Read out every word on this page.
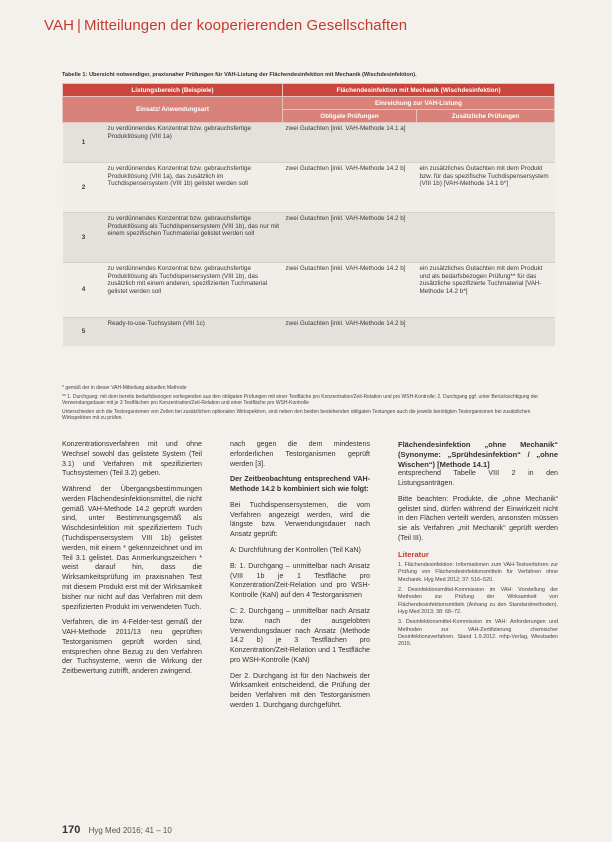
VAH | Mitteilungen der kooperierenden Gesellschaften
Tabelle 1: Übersicht notwendiger, praxisnaher Prüfungen für VAH-Listung der Flächendesinfektion mit Mechanik (Wischdesinfektion).
Listungsbereich (Beispiele)		Flächendesinfektion mit Mechanik (Wischdesinfektion)	
Einsatz/ Anwendungsart		Einreichung zur VAH-Listung	
		Obligate Prüfungen	Zusätzliche Prüfungen
1	zu verdünnendes Konzentrat bzw. gebrauchsfertige Produktlösung (VIII 1a)	zwei Gutachten [inkl. VAH-Methode 14.1 a]	
2	zu verdünnendes Konzentrat bzw. gebrauchsfertige Produktlösung (VIII 1a), das zusätzlich im Tuchdispensersystem (VIII 1b) gelistet werden soll	zwei Gutachten [inkl. VAH-Methode 14.2 b]	ein zusätzliches Gutachten mit dem Produkt bzw. für das spezifische Tuchdispensersystem (VIII 1b) [VAH-Methode 14.1 b*]
3	zu verdünnendes Konzentrat bzw. gebrauchsfertige Produktlösung als Tuchdispensersystem (VIII 1b), das nur mit einem spezifischen Tuchmaterial gelistet werden soll	zwei Gutachten [inkl. VAH-Methode 14.2 b]	
4	zu verdünnendes Konzentrat bzw. gebrauchsfertige Produktlösung als Tuchdispensersystem (VIII 1b), das zusätzlich mit einem anderen, spezifizierten Tuchmaterial gelistet werden soll	zwei Gutachten [inkl. VAH-Methode 14.2 b]	ein zusätzliches Gutachten mit dem Produkt und als bedarfsbezogen Prüfung** für das zusätzliche spezifizierte Tuchmaterial [VAH-Methode 14.2 b*]
5	Ready-to-use-Tuchsystem (VIII 1c)	zwei Gutachten [inkl. VAH-Methode 14.2 b]	

* gemäß der in dieser VAH-Mitteilung aktuellen Methode

** 1. Durchgang: mit dem bereits bedarfsbezogen vorliegenden aus den obligaten Prüfungen mit einer Testfläche pro Konzentration/Zeit-Relation und pro WSH-Kontrolle; 2. Durchgang ggf. unter Berücksichtigung der Verwendungsdauer mit je 3 Testflächen pro Konzentration/Zeit-Relation und einer Testfläche pro WSH-Kontrolle

Unterschieden sich die Testorganismen von Zeilen bei zusätzlichen optionalen Wirkspektren, sind neben den beiden bestehenden obligaten Testungen auch die jeweils benötigten Testorganismen bei zusätzlichen Wirkspektren mit zu prüfen.

Konzentrationsverfahren mit und ohne Wechsel sowohl das gelistete System (Teil 3.1) und Verfahren mit spezifizierten Tuchsystemen (Teil 3.2) geben.

Während der Übergangsbestimmungen werden Flächendesinfektionsmittel, die nicht gemäß VAH-Methode 14.2 geprüft wurden sind, unter Bestimmungsgemäß als Wischdesinfektion mit spezifiziertem Tuch (Tuchdispensersystem VIII 1b) gelistet werden, mit einem * gekennzeichnet und im Teil 3.1 gelistet. Das Anmerkungszeichen * weist darauf hin, dass die Wirksamkeitsprüfung im praxisnahen Test mit diesem Produkt erst mit der Wirksamkeit bisher nur nicht auf das Verfahren mit dem spezifizierten Produkt im verwendeten Tuch.

Verfahren, die im 4-Felder-test gemäß der VAH-Methode 2011/13 neu geprüften Testorganismen geprüft worden sind, entsprechen ohne Bezug zu den Verfahren der Tuchsysteme, wenn die Wirkung der Zeitbewertung zutrifft, anderen zwingend.

nach gegen die dem mindestens erforderlichen Testorganismen geprüft werden [3].

Der Zeitbeobachtung entsprechend VAH-Methode 14.2 b kombiniert sich wie folgt:

Bei Tuchdispensersystemen, die vom Verfahren angezeigt werden, wird die längste bzw. Verwendungsdauer nach Ansatz geprüft:

A: Durchführung der Kontrollen (Teil KaN)

B: 1. Durchgang – unmittelbar nach Ansatz (VIII 1b je 1 Testfläche pro Konzentration/Zeit-Relation und pro WSH-Kontrolle (KaN) auf den 4 Testorganismen

C: 2. Durchgang – unmittelbar nach Ansatz bzw. nach der ausgelobten Verwendungsdauer nach Ansatz (Methode 14.2 b) je 3 Testflächen pro Konzentration/Zeit-Relation und 1 Testfläche pro WSH-Kontrolle (KaN)

Der 2. Durchgang ist für den Nachweis der Wirksamkeit entscheidend, die Prüfung der beiden Verfahren mit den Testorganismen werden 1. Durchgang durchgeführt.

Flächendesinfektion „ohne Mechanik“ (Synonyme: „Sprühdesinfektion“ / „ohne Wischen“) [Methode 14.1]

entsprechend Tabelle VIII 2 in den Listungsanträgen.

Bitte beachten: Produkte, die „ohne Mechanik“ gelistet sind, dürfen während der Einwirkzeit nicht in den Flächen verteilt werden, ansonsten müssen sie als Verfahren „mit Mechanik“ geprüft werden (Teil III).

Literatur

1. Flächendesinfektion: Informationen zum VAH-Testverfahren zur Prüfung von Flächendesinfektionsmitteln für Verfahren ohne Mechanik. Hyg Med 2012; 37: 516–520.

2. Desinfektionsmittel-Kommission im VAH: Vorstellung der Methoden zur Prüfung der Wirksamkeit von Flächendesinfektionsmitteln (Anhang zu den Standardmethoden). Hyg Med 2013; 38: 68–72.

3. Desinfektionsmittel-Kommission im VAH: Anforderungen und Methoden zur VAH-Zertifizierung chemischer Desinfektionsverfahren. Stand 1.9.2012. mhp-Verlag, Wiesbaden 2015.

170 Hyg Med 2016; 41 – 10
